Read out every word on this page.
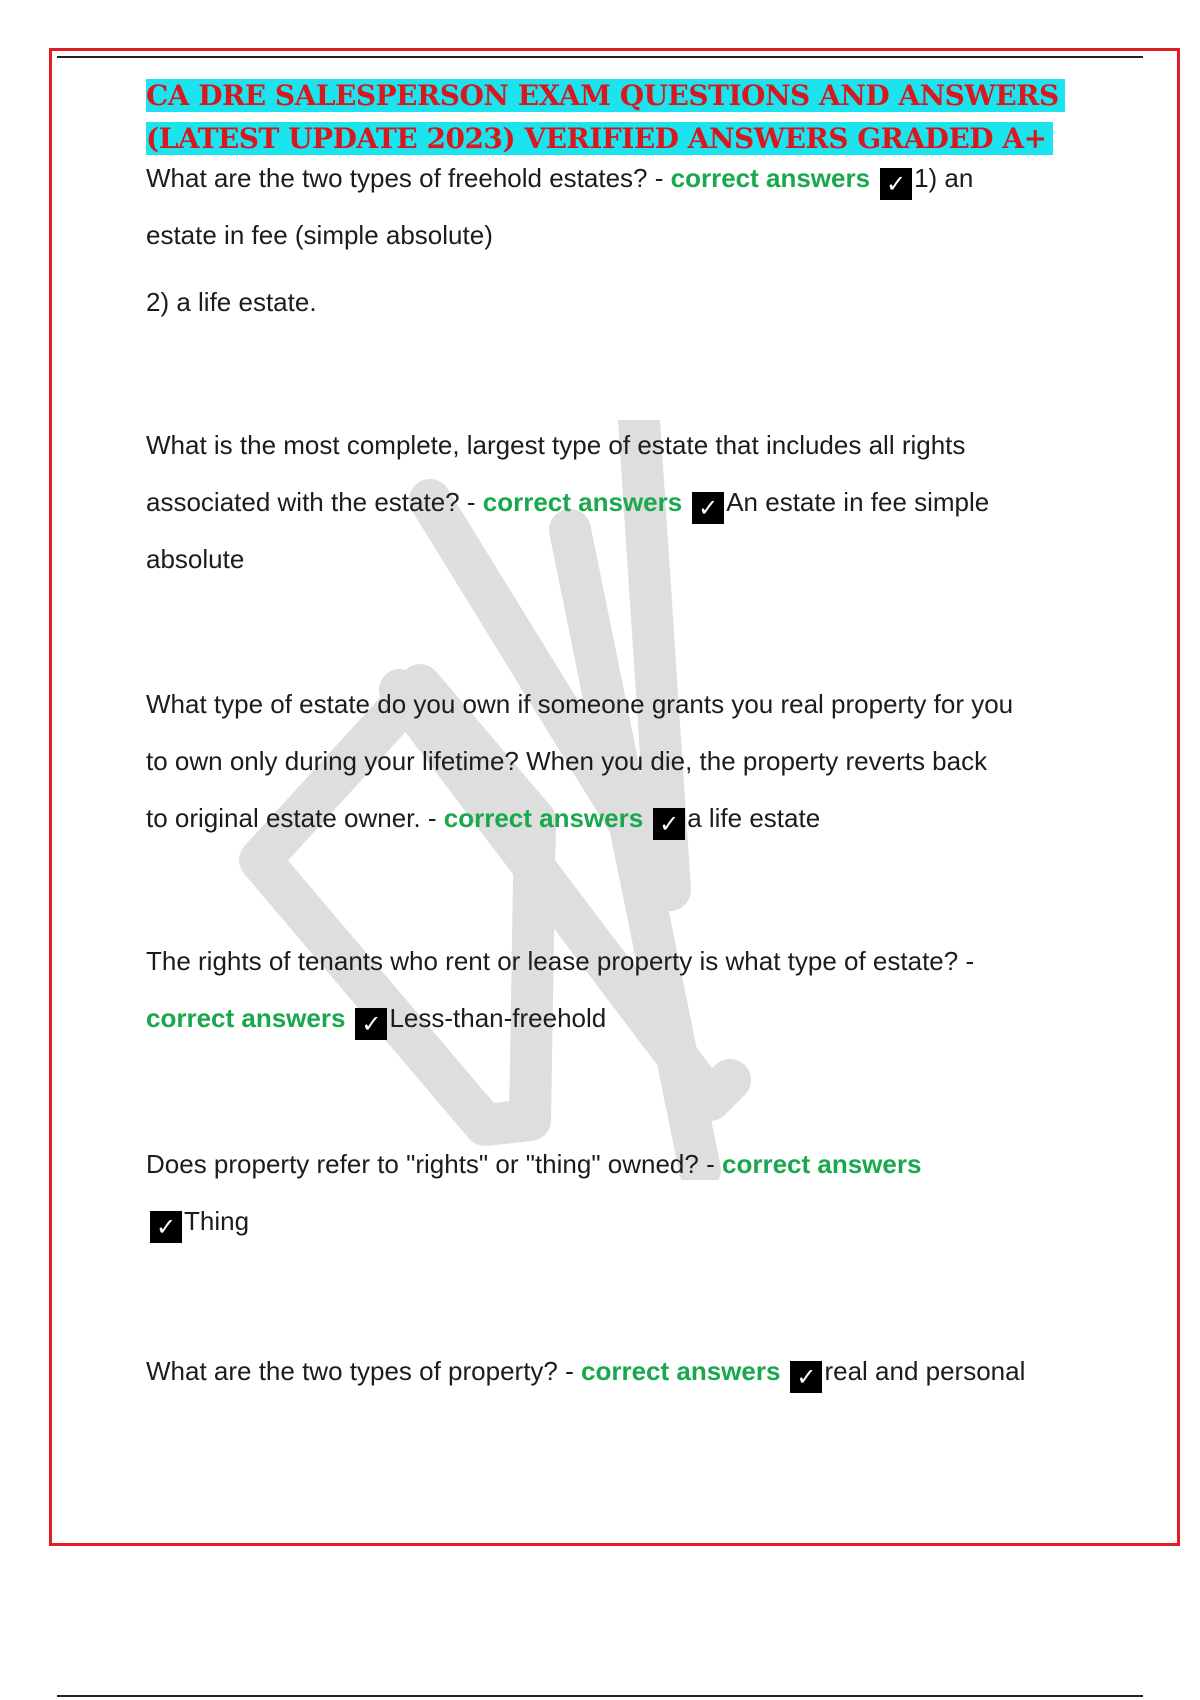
CA DRE SALESPERSON EXAM QUESTIONS AND ANSWERS
(LATEST UPDATE 2023) VERIFIED ANSWERS GRADED A+
What are the two types of freehold estates? - correct answers ✓ 1) an
estate in fee (simple absolute)
2) a life estate.
What is the most complete, largest type of estate that includes all rights
associated with the estate? - correct answers ✓ An estate in fee simple
absolute
What type of estate do you own if someone grants you real property for you
to own only during your lifetime? When you die, the property reverts back
to original estate owner. - correct answers ✓ a life estate
The rights of tenants who rent or lease property is what type of estate? -
correct answers ✓ Less-than-freehold
Does property refer to "rights" or "thing" owned? - correct answers
✓ Thing
What are the two types of property? - correct answers ✓ real and personal
